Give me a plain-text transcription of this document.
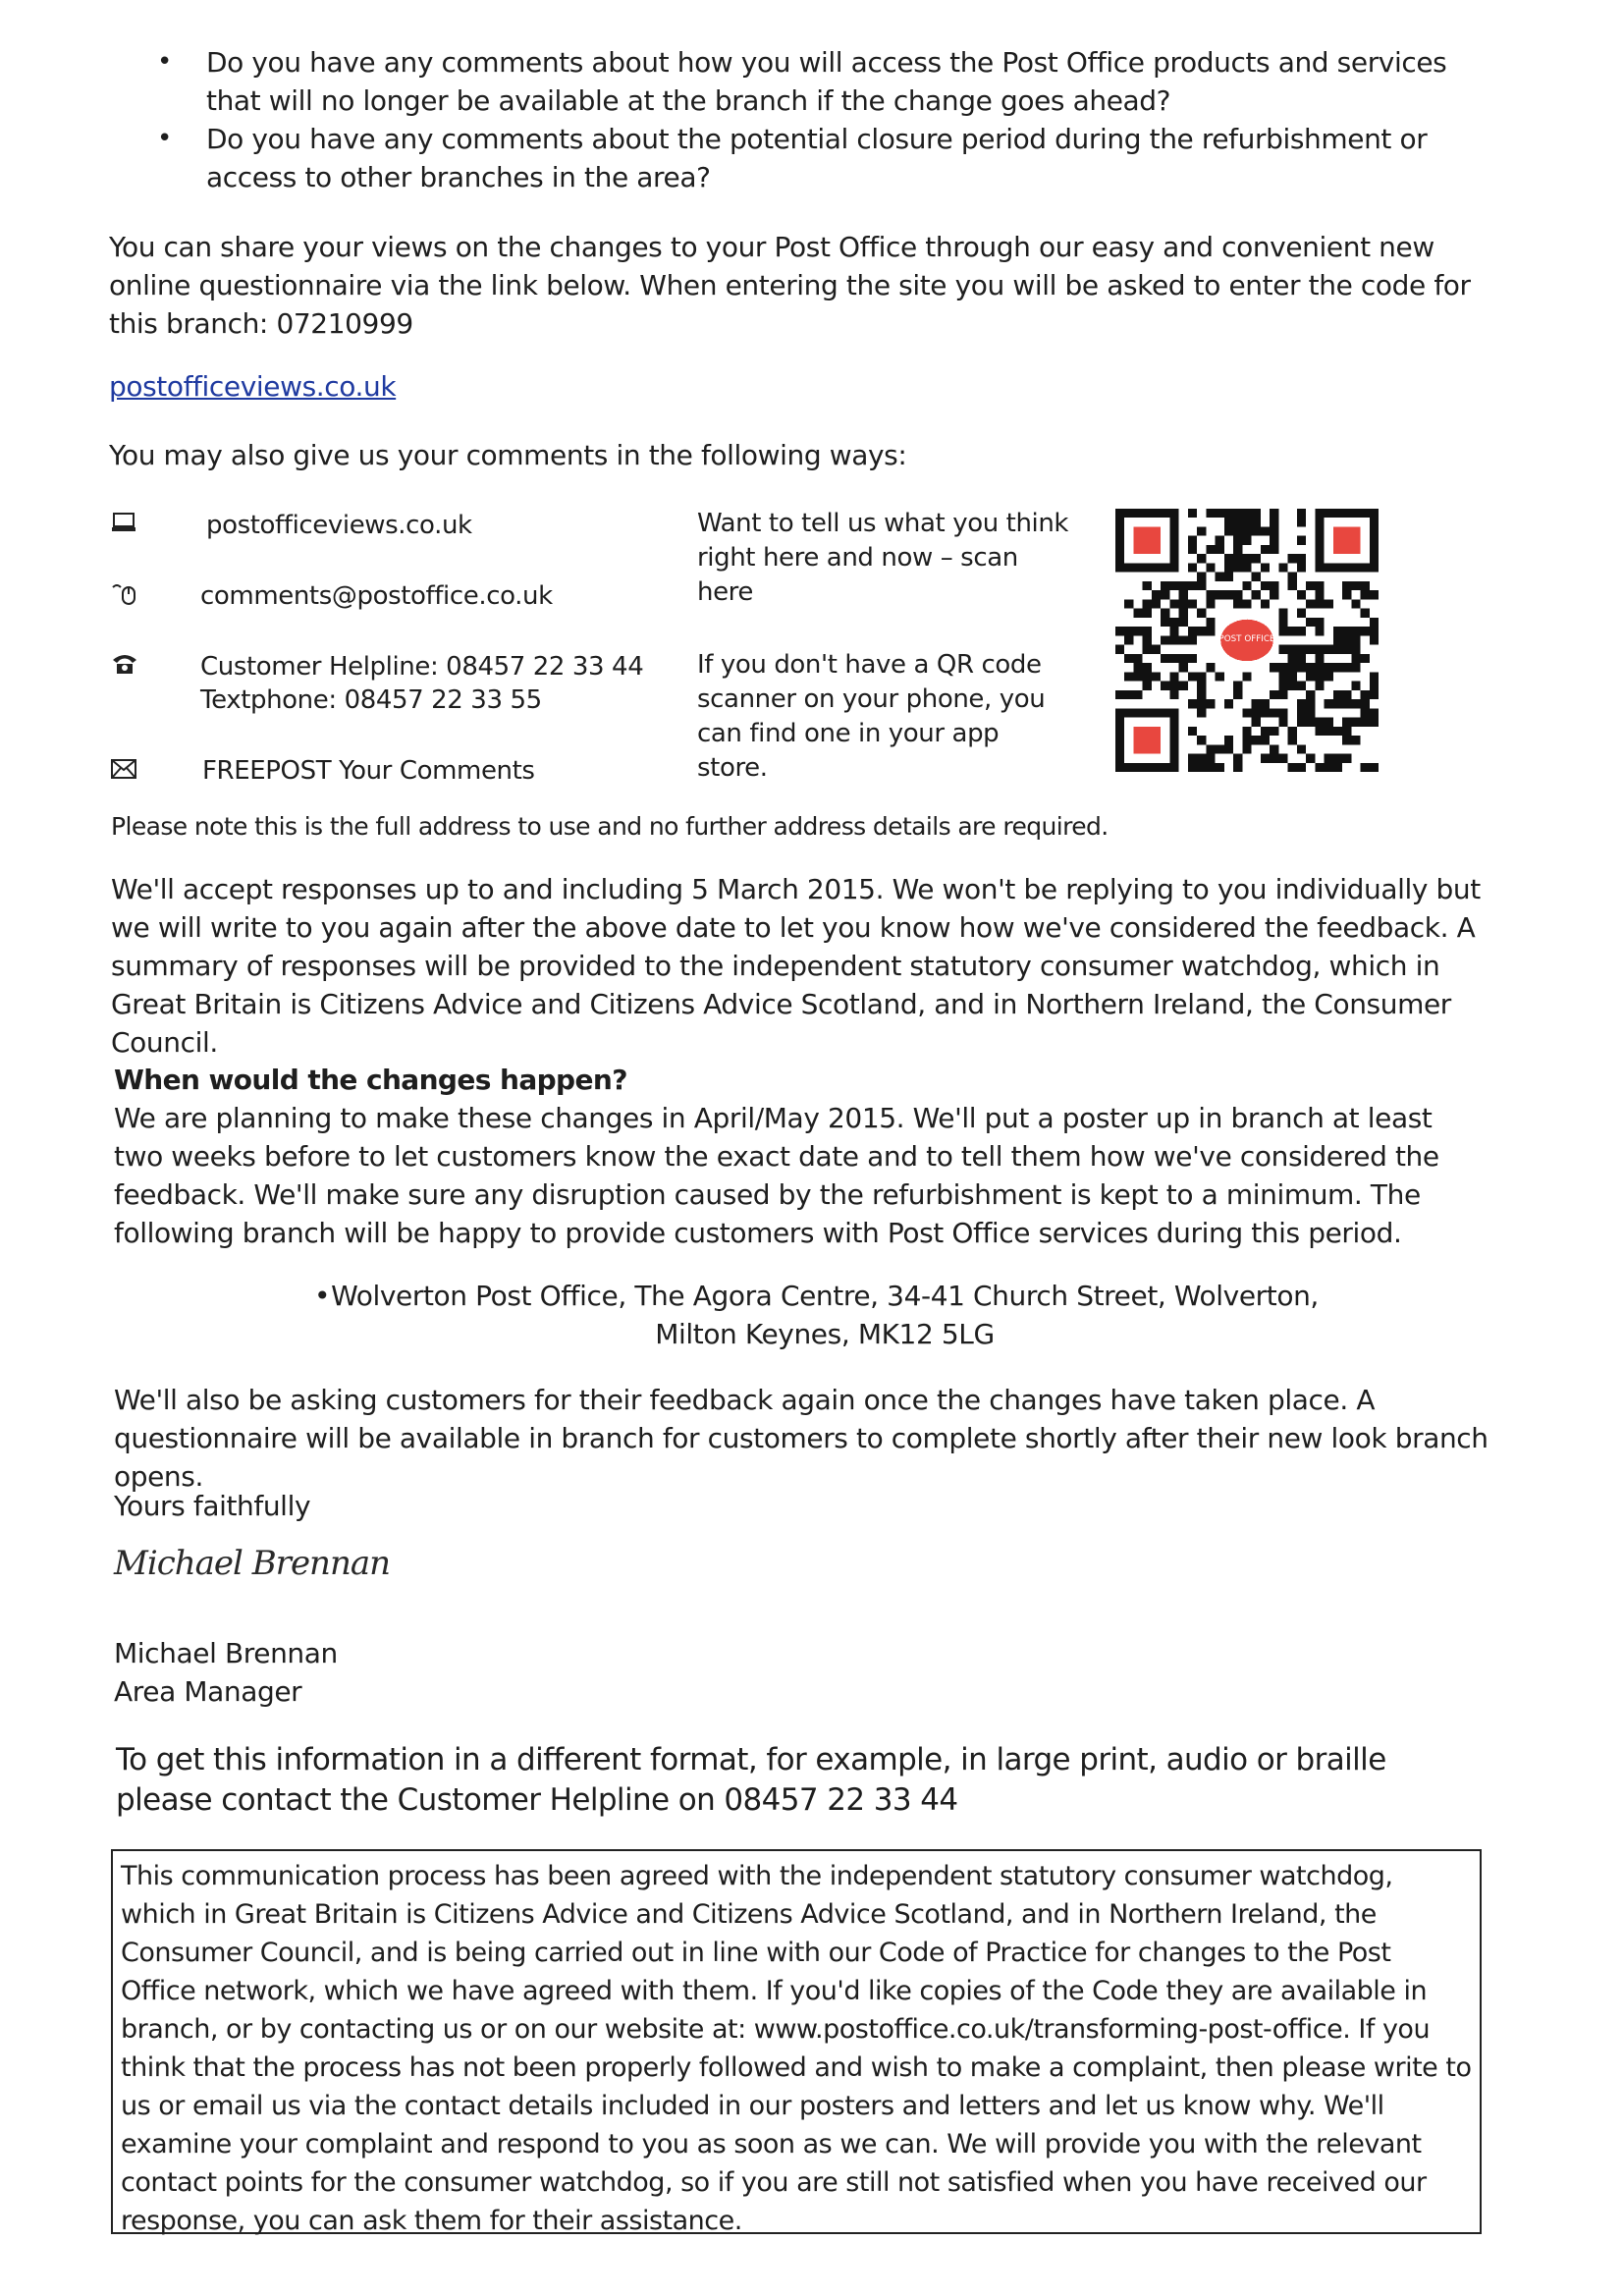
• Do you have any comments about how you will access the Post Office products and services that will no longer be available at the branch if the change goes ahead?
• Do you have any comments about the potential closure period during the refurbishment or access to other branches in the area?

You can share your views on the changes to your Post Office through our easy and convenient new online questionnaire via the link below. When entering the site you will be asked to enter the code for this branch: 07210999

postofficeviews.co.uk

You may also give us your comments in the following ways:

postofficeviews.co.uk
comments@postoffice.co.uk
Customer Helpline: 08457 22 33 44
Textphone: 08457 22 33 55
FREEPOST Your Comments
Want to tell us what you think right here and now – scan here
If you don't have a QR code scanner on your phone, you can find one in your app store.

Please note this is the full address to use and no further address details are required.

We'll accept responses up to and including 5 March 2015. We won't be replying to you individually but we will write to you again after the above date to let you know how we've considered the feedback. A summary of responses will be provided to the independent statutory consumer watchdog, which in Great Britain is Citizens Advice and Citizens Advice Scotland, and in Northern Ireland, the Consumer Council.

When would the changes happen?

We are planning to make these changes in April/May 2015. We'll put a poster up in branch at least two weeks before to let customers know the exact date and to tell them how we've considered the feedback. We'll make sure any disruption caused by the refurbishment is kept to a minimum. The following branch will be happy to provide customers with Post Office services during this period.

• Wolverton Post Office, The Agora Centre, 34-41 Church Street, Wolverton,
Milton Keynes, MK12 5LG

We'll also be asking customers for their feedback again once the changes have taken place. A questionnaire will be available in branch for customers to complete shortly after their new look branch opens.

Yours faithfully

Michael Brennan

Michael Brennan

Area Manager

To get this information in a different format, for example, in large print, audio or braille please contact the Customer Helpline on 08457 22 33 44

This communication process has been agreed with the independent statutory consumer watchdog, which in Great Britain is Citizens Advice and Citizens Advice Scotland, and in Northern Ireland, the Consumer Council, and is being carried out in line with our Code of Practice for changes to the Post Office network, which we have agreed with them. If you'd like copies of the Code they are available in branch, or by contacting us or on our website at: www.postoffice.co.uk/transforming-post-office. If you think that the process has not been properly followed and wish to make a complaint, then please write to us or email us via the contact details included in our posters and letters and let us know why. We'll examine your complaint and respond to you as soon as we can. We will provide you with the relevant contact points for the consumer watchdog, so if you are still not satisfied when you have received our response, you can ask them for their assistance.
